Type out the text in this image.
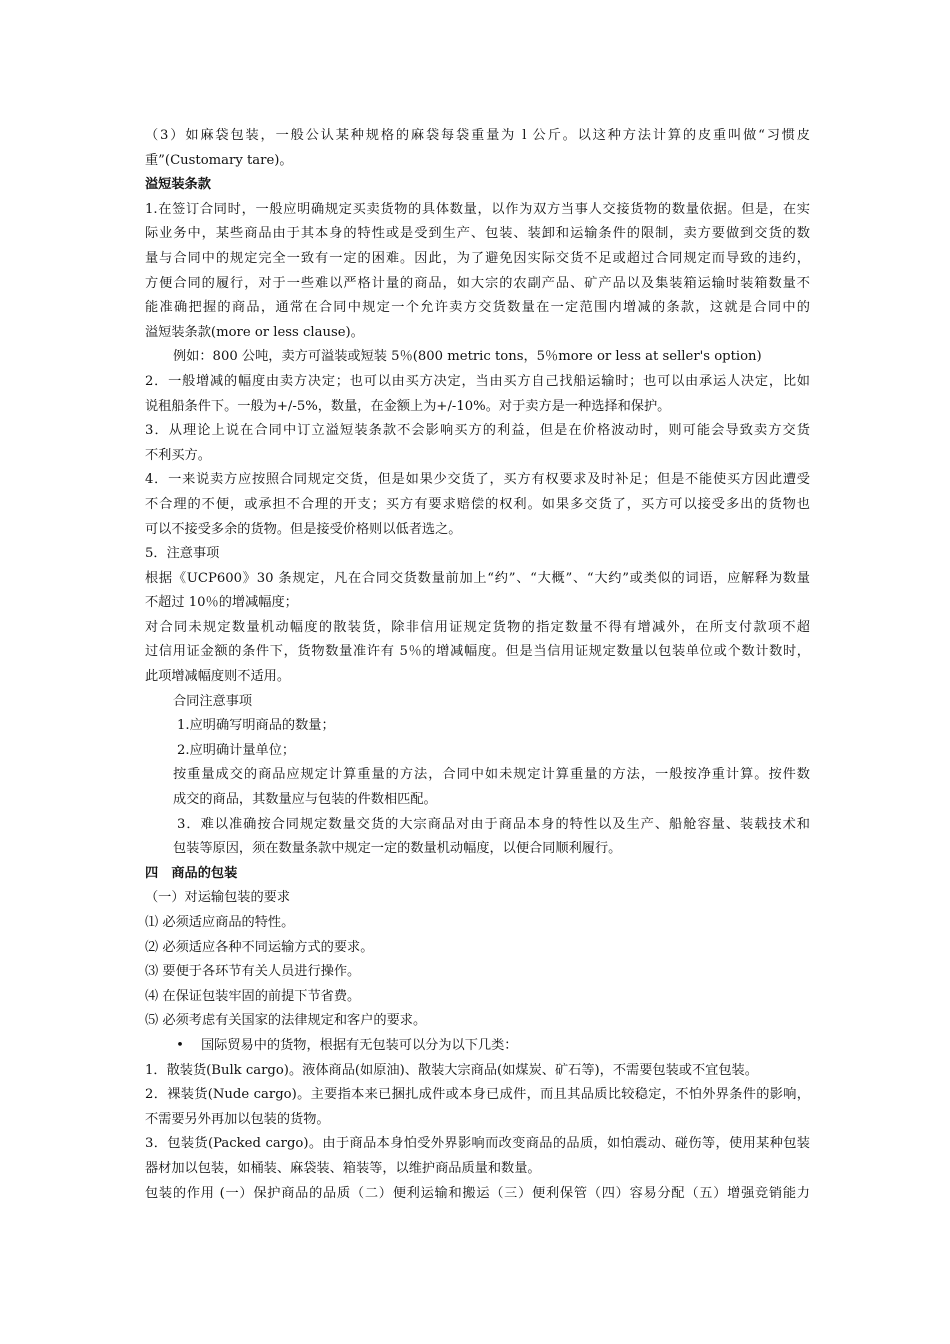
（3）如麻袋包装，一般公认某种规格的麻袋每袋重量为 l 公斤。以这种方法计算的皮重叫做“习惯皮
重”(Customary tare)。
溢短装条款
1.在签订合同时，一般应明确规定买卖货物的具体数量，以作为双方当事人交接货物的数量依据。但是，在实
际业务中，某些商品由于其本身的特性或是受到生产、包装、装卸和运输条件的限制，卖方要做到交货的数
量与合同中的规定完全一致有一定的困难。因此，为了避免因实际交货不足或超过合同规定而导致的违约，
方便合同的履行，对于一些难以严格计量的商品，如大宗的农副产品、矿产品以及集装箱运输时装箱数量不
能准确把握的商品，通常在合同中规定一个允许卖方交货数量在一定范围内增减的条款，这就是合同中的
溢短装条款(more or less clause)。
例如：800 公吨，卖方可溢装或短装 5％(800 metric tons，5％more or less at seller's option)
2．一般增减的幅度由卖方决定；也可以由买方决定，当由买方自己找船运输时；也可以由承运人决定，比如
说租船条件下。一般为+/-5%，数量，在金额上为+/-10%。对于卖方是一种选择和保护。
3．从理论上说在合同中订立溢短装条款不会影响买方的利益，但是在价格波动时，则可能会导致卖方交货
不利买方。
4．一来说卖方应按照合同规定交货，但是如果少交货了，买方有权要求及时补足；但是不能使买方因此遭受
不合理的不便，或承担不合理的开支；买方有要求赔偿的权利。如果多交货了，买方可以接受多出的货物也
可以不接受多余的货物。但是接受价格则以低者选之。
5．注意事项
根据《UCP600》30 条规定，凡在合同交货数量前加上“约”、“大概”、“大约”或类似的词语，应解释为数量
不超过 10％的增减幅度；
对合同未规定数量机动幅度的散装货，除非信用证规定货物的指定数量不得有增减外，在所支付款项不超
过信用证金额的条件下，货物数量准许有 5％的增减幅度。但是当信用证规定数量以包装单位或个数计数时，
此项增减幅度则不适用。
合同注意事项
1.应明确写明商品的数量；
2.应明确计量单位；
按重量成交的商品应规定计算重量的方法，合同中如未规定计算重量的方法，一般按净重计算。按件数
成交的商品，其数量应与包装的件数相匹配。
3．难以准确按合同规定数量交货的大宗商品对由于商品本身的特性以及生产、船舱容量、装载技术和
包装等原因，须在数量条款中规定一定的数量机动幅度，以便合同顺利履行。
四　商品的包装
（一）对运输包装的要求
⑴ 必须适应商品的特性。
⑵ 必须适应各种不同运输方式的要求。
⑶ 要便于各环节有关人员进行操作。
⑷ 在保证包装牢固的前提下节省费。
⑸ 必须考虑有关国家的法律规定和客户的要求。
• 国际贸易中的货物，根据有无包装可以分为以下几类：
1．散装货(Bulk cargo)。液体商品(如原油)、散装大宗商品(如煤炭、矿石等)，不需要包装或不宜包装。
2．裸装货(Nude cargo)。主要指本来已捆扎成件或本身已成件，而且其品质比较稳定，不怕外界条件的影响，
不需要另外再加以包装的货物。
3．包装货(Packed cargo)。由于商品本身怕受外界影响而改变商品的品质，如怕震动、碰伤等，使用某种包装
器材加以包装，如桶装、麻袋装、箱装等，以维护商品质量和数量。
包装的作用 (一）保护商品的品质（二）便利运输和搬运（三）便利保管（四）容易分配（五）增强竞销能力
